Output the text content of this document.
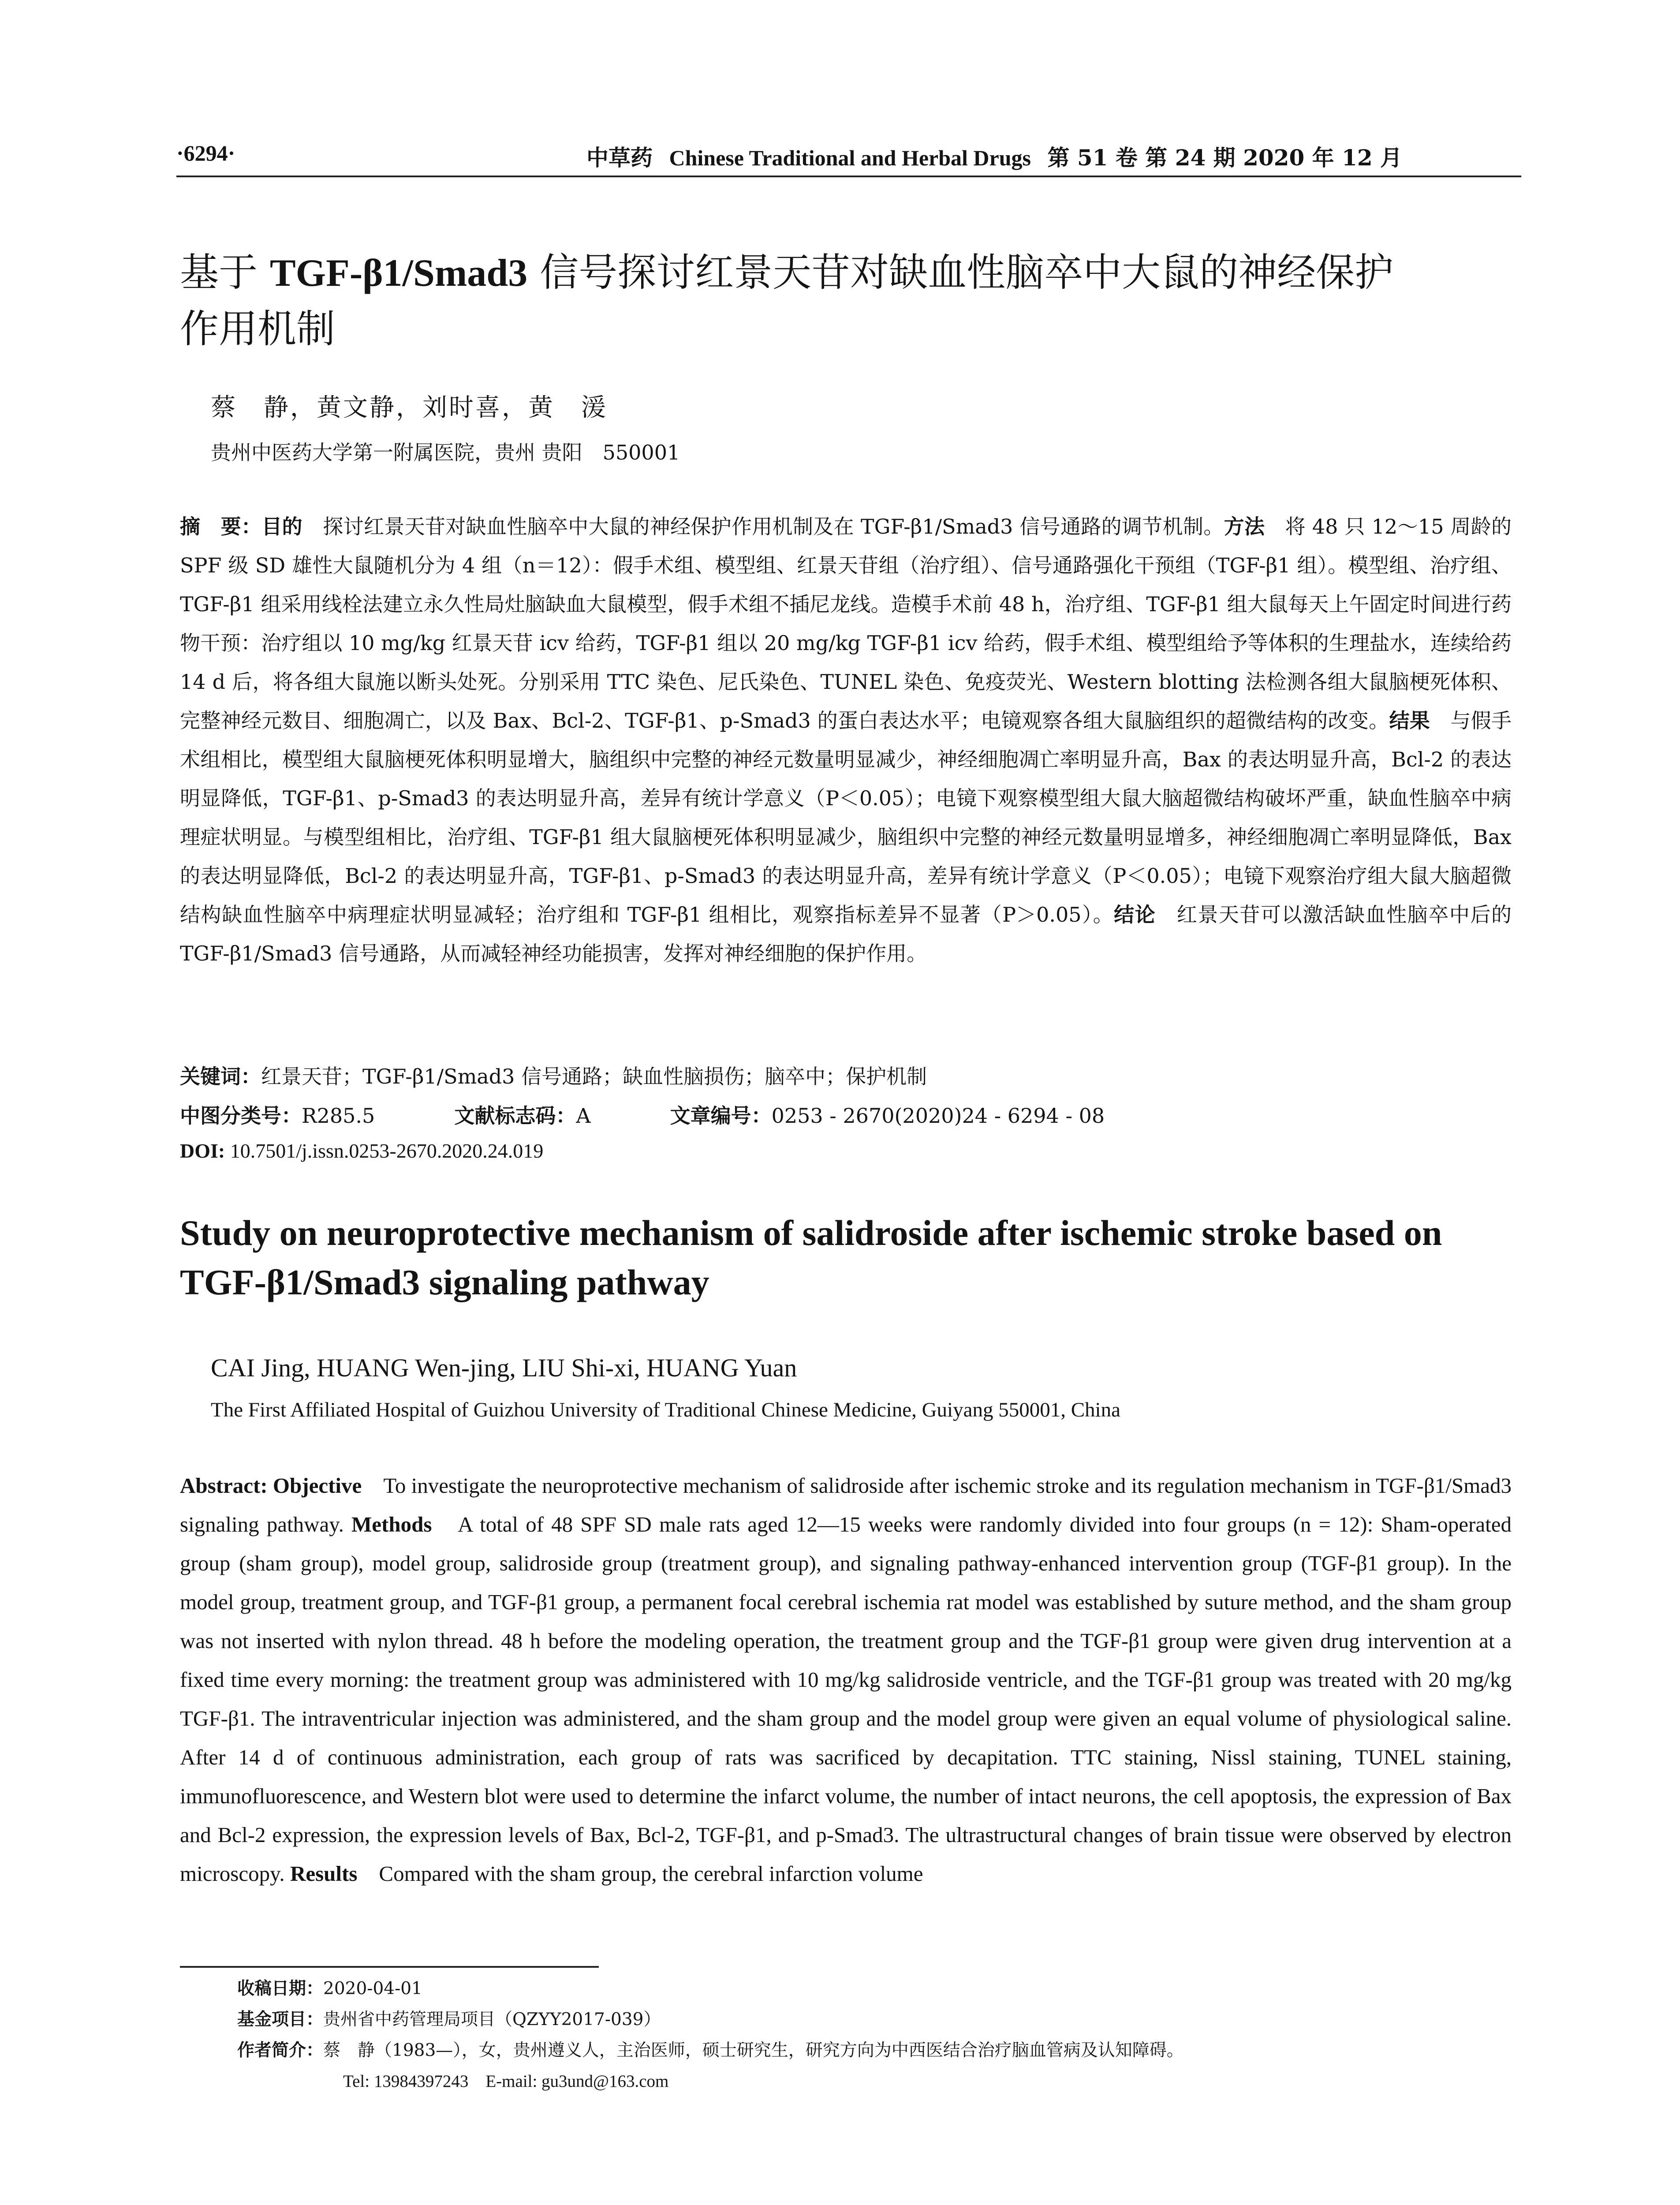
·6294·	中草药 Chinese Traditional and Herbal Drugs 第 51 卷 第 24 期 2020 年 12 月
基于 TGF-β1/Smad3 信号探讨红景天苷对缺血性脑卒中大鼠的神经保护
作用机制
蔡　静，黄文静，刘时喜，黄　湲
贵州中医药大学第一附属医院，贵州 贵阳　550001

摘　要：目的　探讨红景天苷对缺血性脑卒中大鼠的神经保护作用机制及在 TGF-β1/Smad3 信号通路的调节机制。方法　将 48 只 12～15 周龄的 SPF 级 SD 雄性大鼠随机分为 4 组（n＝12）：假手术组、模型组、红景天苷组（治疗组）、信号通路强化干预组（TGF-β1 组）。模型组、治疗组、TGF-β1 组采用线栓法建立永久性局灶脑缺血大鼠模型，假手术组不插尼龙线。造模手术前 48 h，治疗组、TGF-β1 组大鼠每天上午固定时间进行药物干预：治疗组以 10 mg/kg 红景天苷 icv 给药，TGF-β1 组以 20 mg/kg TGF-β1 icv 给药，假手术组、模型组给予等体积的生理盐水，连续给药 14 d 后，将各组大鼠施以断头处死。分别采用 TTC 染色、尼氏染色、TUNEL 染色、免疫荧光、Western blotting 法检测各组大鼠脑梗死体积、完整神经元数目、细胞凋亡，以及 Bax、Bcl-2、TGF-β1、p-Smad3 的蛋白表达水平；电镜观察各组大鼠脑组织的超微结构的改变。结果　与假手术组相比，模型组大鼠脑梗死体积明显增大，脑组织中完整的神经元数量明显减少，神经细胞凋亡率明显升高，Bax 的表达明显升高，Bcl-2 的表达明显降低，TGF-β1、p-Smad3 的表达明显升高，差异有统计学意义（P＜0.05）；电镜下观察模型组大鼠大脑超微结构破坏严重，缺血性脑卒中病理症状明显。与模型组相比，治疗组、TGF-β1 组大鼠脑梗死体积明显减少，脑组织中完整的神经元数量明显增多，神经细胞凋亡率明显降低，Bax 的表达明显降低，Bcl-2 的表达明显升高，TGF-β1、p-Smad3 的表达明显升高，差异有统计学意义（P＜0.05）；电镜下观察治疗组大鼠大脑超微结构缺血性脑卒中病理症状明显减轻；治疗组和 TGF-β1 组相比，观察指标差异不显著（P＞0.05）。结论　红景天苷可以激活缺血性脑卒中后的 TGF-β1/Smad3 信号通路，从而减轻神经功能损害，发挥对神经细胞的保护作用。

关键词：红景天苷；TGF-β1/Smad3 信号通路；缺血性脑损伤；脑卒中；保护机制
中图分类号：R285.5	文献标志码：A	文章编号：0253 - 2670(2020)24 - 6294 - 08
DOI: 10.7501/j.issn.0253-2670.2020.24.019
Study on neuroprotective mechanism of salidroside after ischemic stroke based on TGF-β1/Smad3 signaling pathway
CAI Jing, HUANG Wen-jing, LIU Shi-xi, HUANG Yuan
The First Affiliated Hospital of Guizhou University of Traditional Chinese Medicine, Guiyang 550001, China
Abstract: Objective　To investigate the neuroprotective mechanism of salidroside after ischemic stroke and its regulation mechanism in TGF-β1/Smad3 signaling pathway. Methods　A total of 48 SPF SD male rats aged 12—15 weeks were randomly divided into four groups (n = 12): Sham-operated group (sham group), model group, salidroside group (treatment group), and signaling pathway-enhanced intervention group (TGF-β1 group). In the model group, treatment group, and TGF-β1 group, a permanent focal cerebral ischemia rat model was established by suture method, and the sham group was not inserted with nylon thread. 48 h before the modeling operation, the treatment group and the TGF-β1 group were given drug intervention at a fixed time every morning: the treatment group was administered with 10 mg/kg salidroside ventricle, and the TGF-β1 group was treated with 20 mg/kg TGF-β1. The intraventricular injection was administered, and the sham group and the model group were given an equal volume of physiological saline. After 14 d of continuous administration, each group of rats was sacrificed by decapitation. TTC staining, Nissl staining, TUNEL staining, immunofluorescence, and Western blot were used to determine the infarct volume, the number of intact neurons, the cell apoptosis, the expression of Bax and Bcl-2 expression, the expression levels of Bax, Bcl-2, TGF-β1, and p-Smad3. The ultrastructural changes of brain tissue were observed by electron microscopy. Results　Compared with the sham group, the cerebral infarction volume
收稿日期：2020-04-01
基金项目：贵州省中药管理局项目（QZYY2017-039）
作者简介：蔡　静（1983—），女，贵州遵义人，主治医师，硕士研究生，研究方向为中西医结合治疗脑血管病及认知障碍。
Tel: 13984397243　E-mail: gu3und@163.com
